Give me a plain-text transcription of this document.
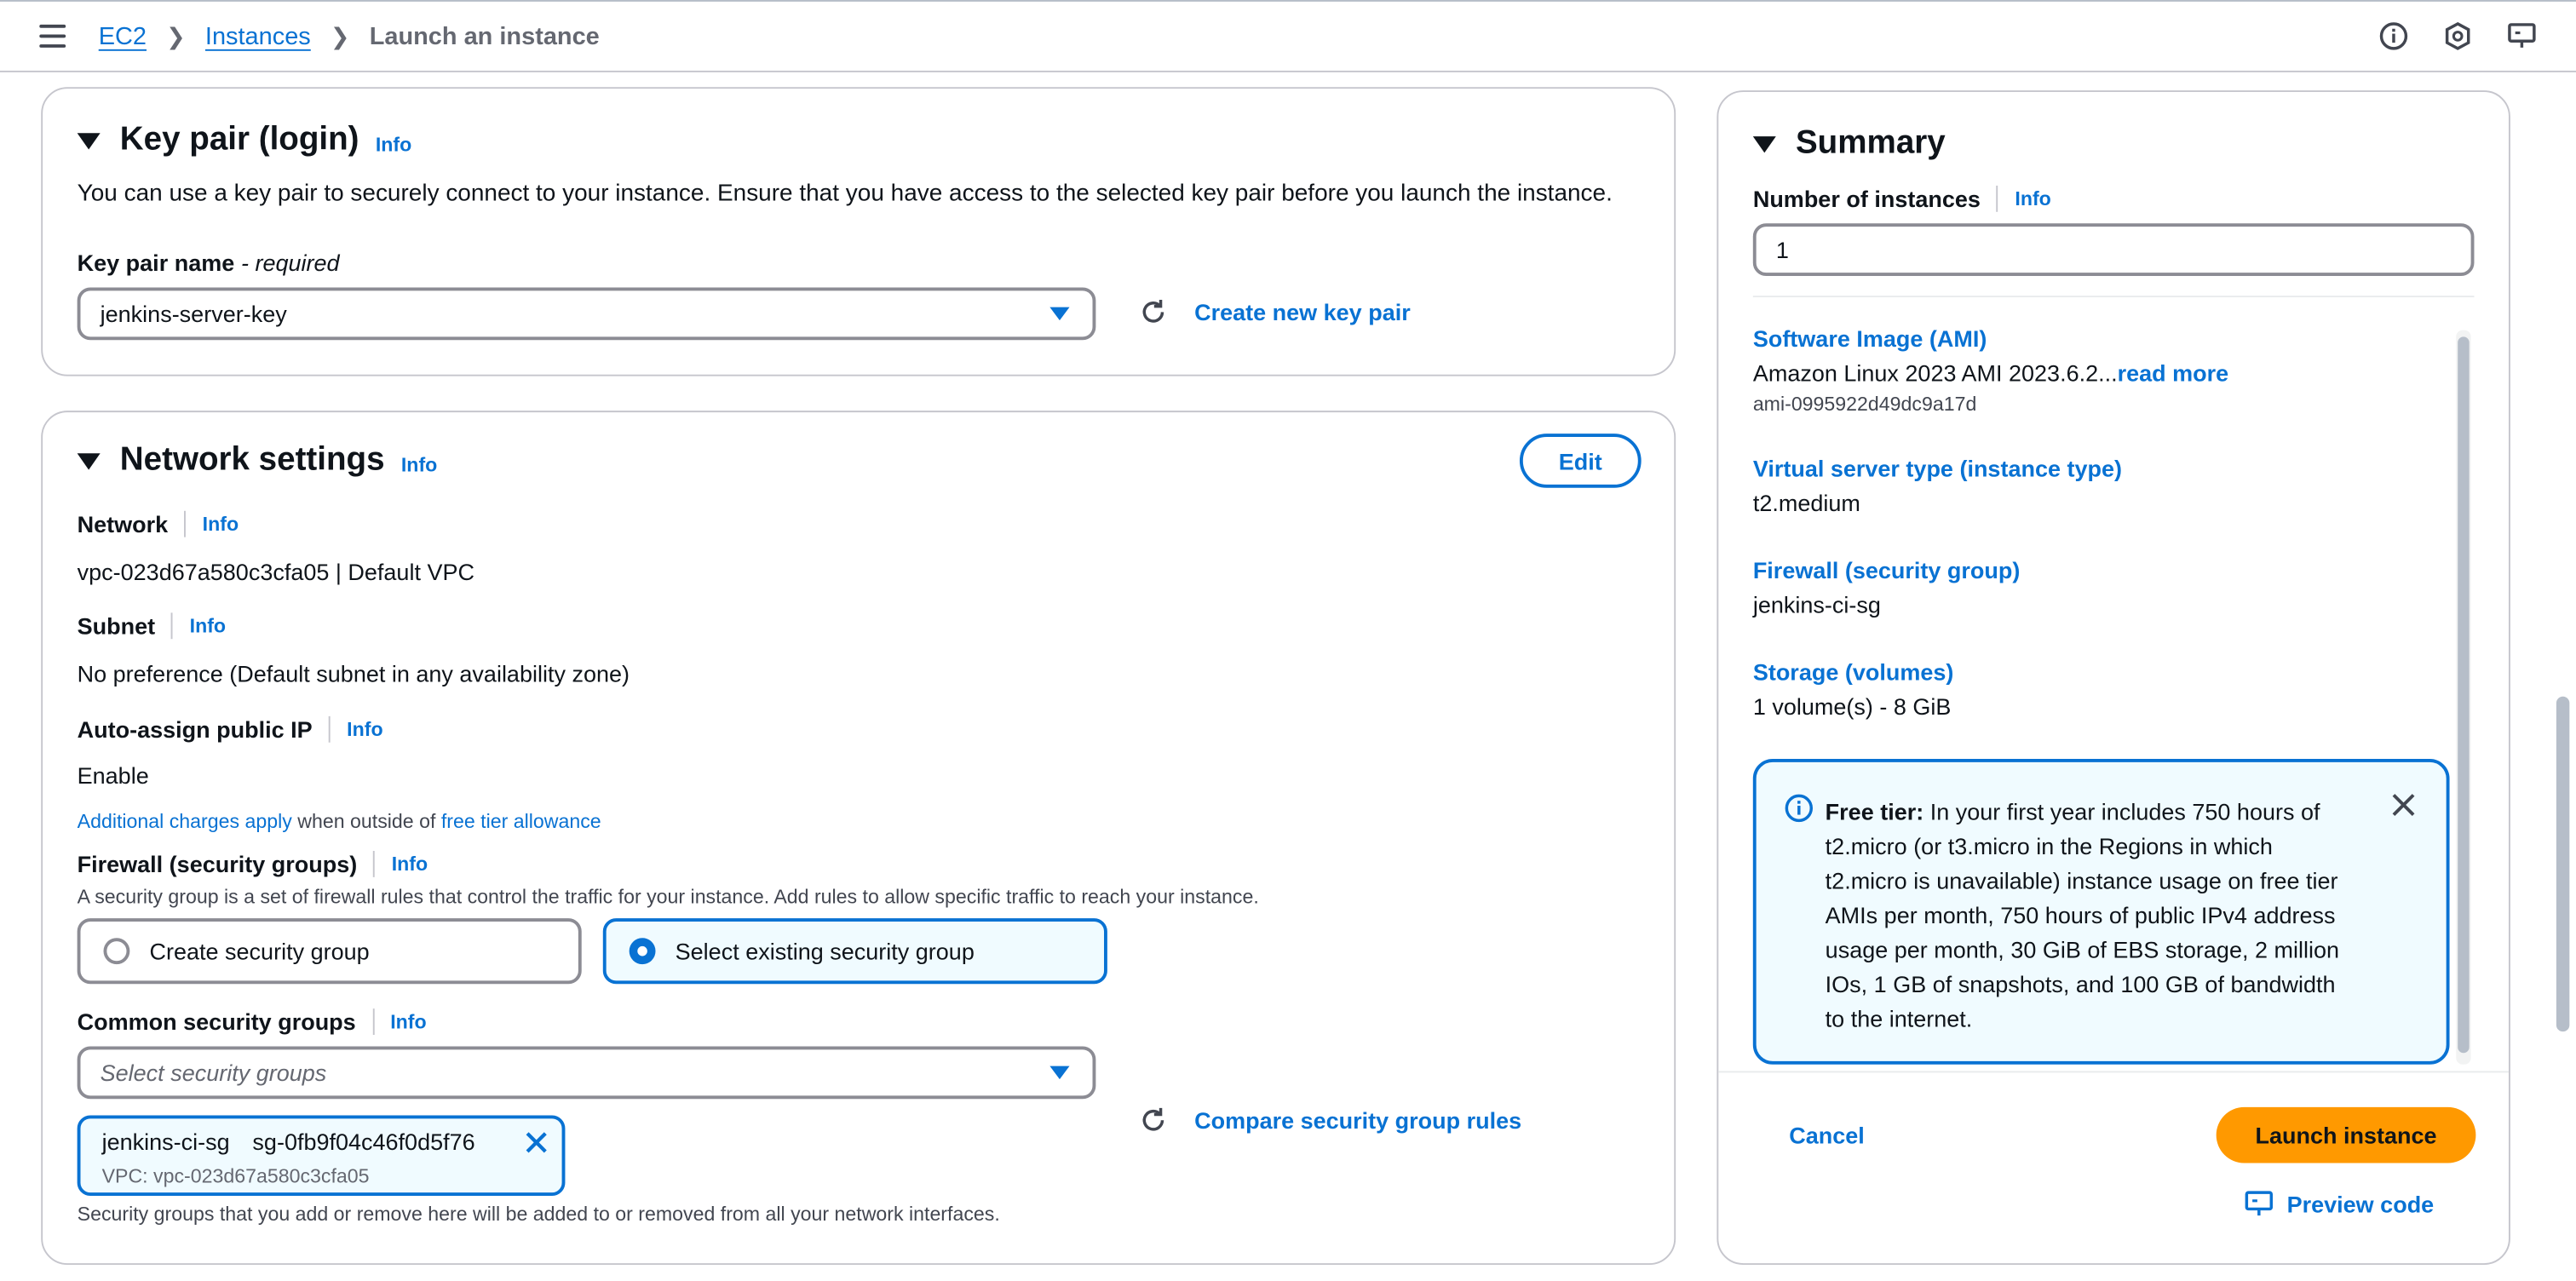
EC2 ❯ Instances ❯ Launch an instance
Key pair (login) Info
You can use a key pair to securely connect to your instance. Ensure that you have access to the selected key pair before you launch the instance.
Key pair name - required
jenkins-server-key	Create new key pair
Network settings Info	Edit
Network	Info
vpc-023d67a580c3cfa05 | Default VPC
Subnet	Info
No preference (Default subnet in any availability zone)
Auto-assign public IP	Info
Enable
Additional charges apply when outside of free tier allowance
Firewall (security groups)	Info
A security group is a set of firewall rules that control the traffic for your instance. Add rules to allow specific traffic to reach your instance.
Create security group	Select existing security group
Common security groups	Info
Select security groups
jenkins-ci-sg sg-0fb9f04c46f0d5f76
VPC: vpc-023d67a580c3cfa05
Compare security group rules
Security groups that you add or remove here will be added to or removed from all your network interfaces.
Summary
Number of instances	Info
1
Software Image (AMI)
Amazon Linux 2023 AMI 2023.6.2...read more
ami-0995922d49dc9a17d
Virtual server type (instance type)
t2.medium
Firewall (security group)
jenkins-ci-sg
Storage (volumes)
1 volume(s) - 8 GiB

Free tier: In your first year includes 750 hours of t2.micro (or t3.micro in the Regions in which t2.micro is unavailable) instance usage on free tier AMIs per month, 750 hours of public IPv4 address usage per month, 30 GiB of EBS storage, 2 million IOs, 1 GB of snapshots, and 100 GB of bandwidth to the internet.

Cancel	Launch instance
Preview code
